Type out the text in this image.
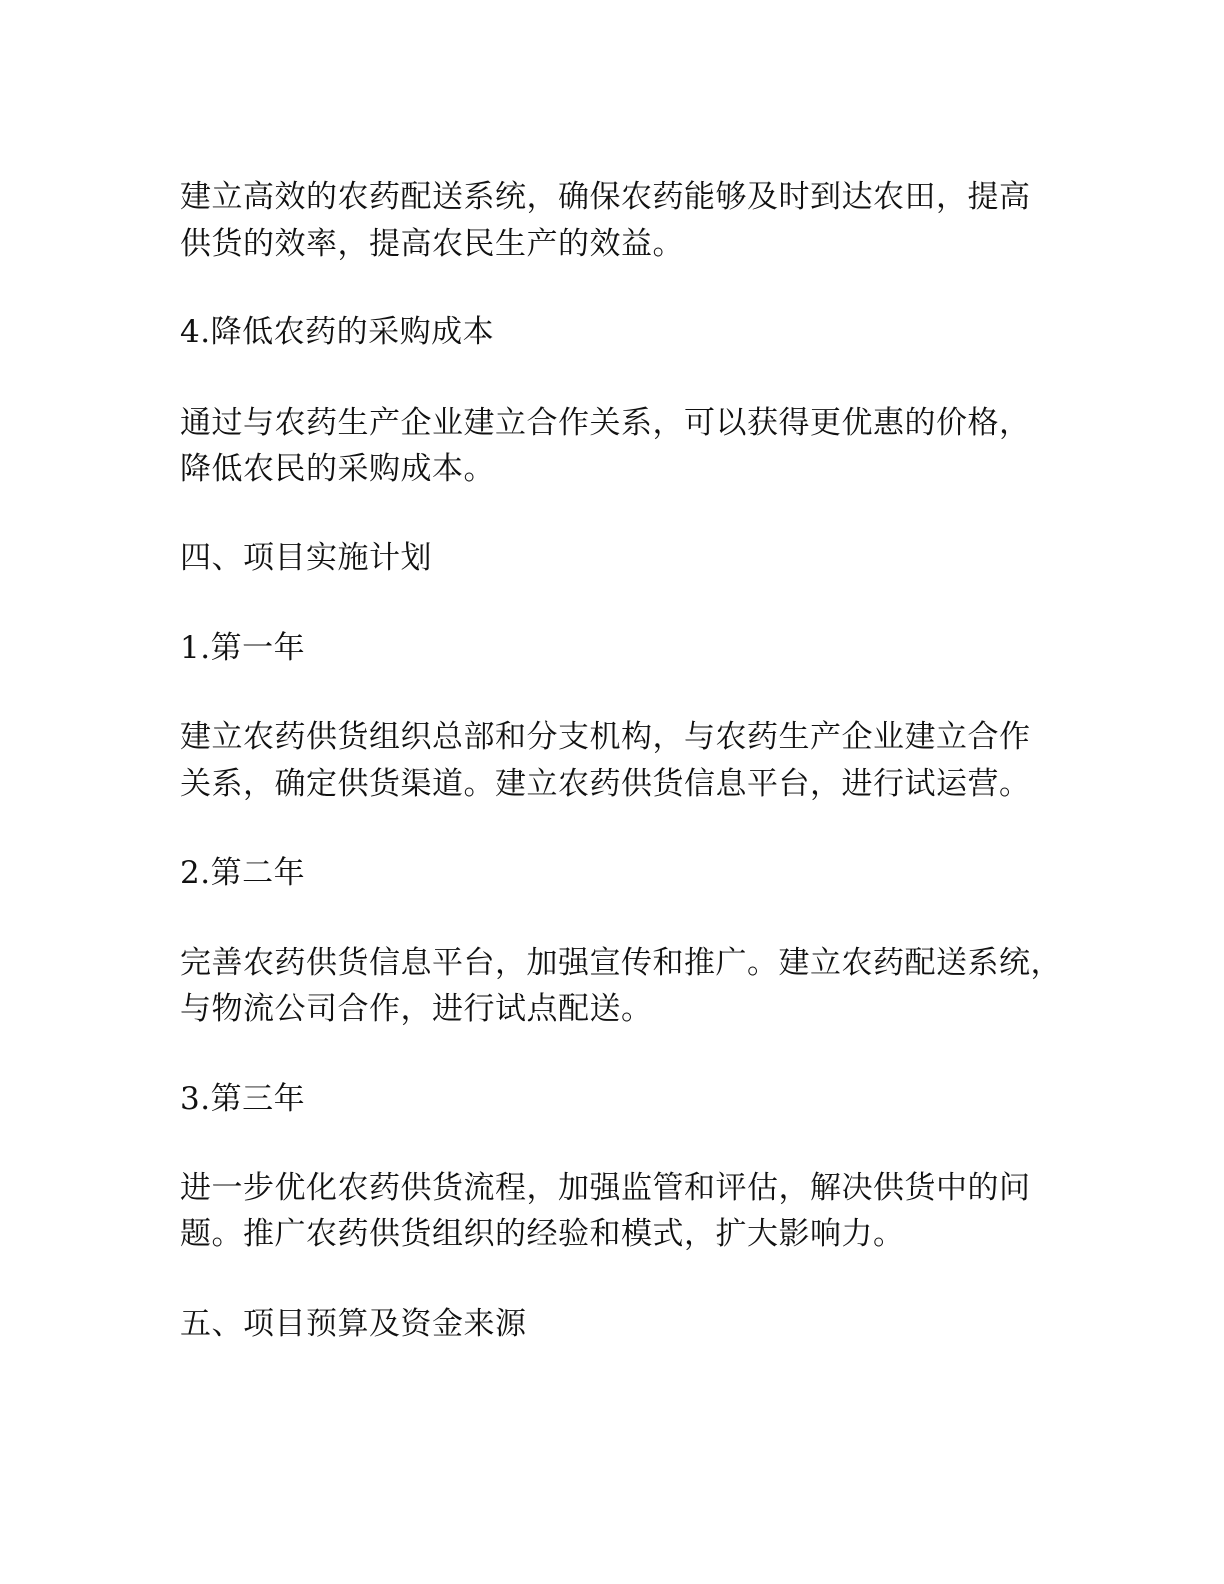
建立高效的农药配送系统，确保农药能够及时到达农田，提高
供货的效率，提高农民生产的效益。
4.降低农药的采购成本
通过与农药生产企业建立合作关系，可以获得更优惠的价格，
降低农民的采购成本。
四、项目实施计划
1.第一年
建立农药供货组织总部和分支机构，与农药生产企业建立合作
关系，确定供货渠道。建立农药供货信息平台，进行试运营。
2.第二年
完善农药供货信息平台，加强宣传和推广。建立农药配送系统，
与物流公司合作，进行试点配送。
3.第三年
进一步优化农药供货流程，加强监管和评估，解决供货中的问
题。推广农药供货组织的经验和模式，扩大影响力。
五、项目预算及资金来源
